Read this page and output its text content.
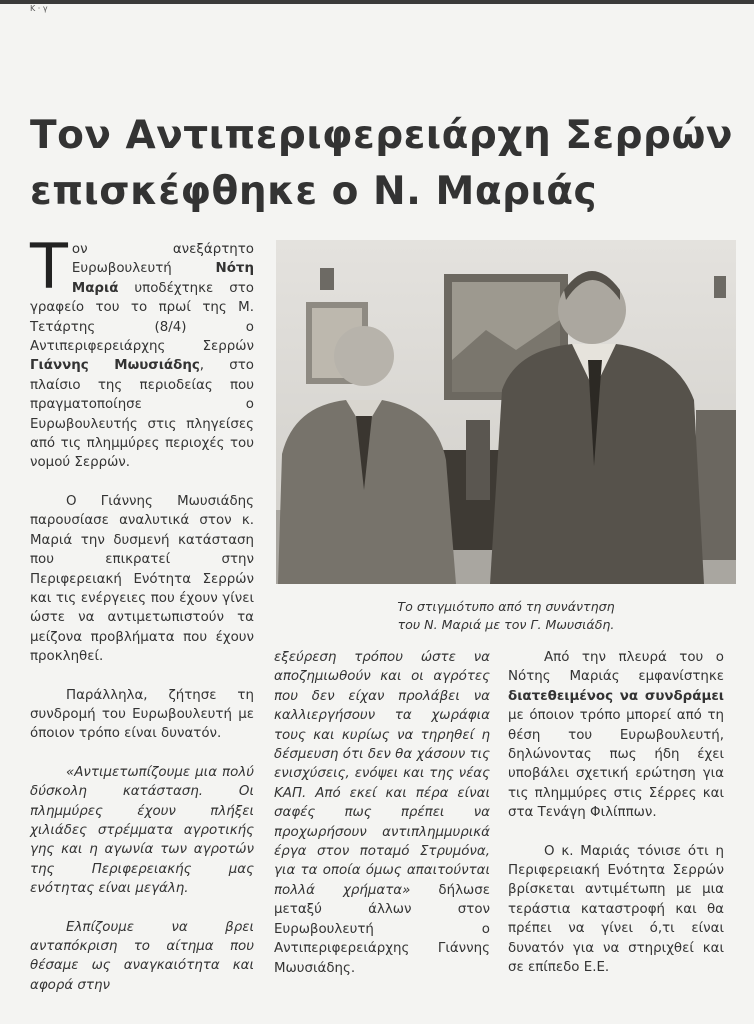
Κ · γ
Τον Αντιπεριφερειάρχη Σερρών
επισκέφθηκε ο Ν. Μαριάς

Τον ανεξάρτητο Ευρωβουλευτή Νότη Μαριά υποδέχτηκε στο γραφείο του το πρωί της Μ. Τετάρτης (8/4) ο Αντιπεριφερειάρχης Σερρών Γιάννης Μωυσιάδης, στο πλαίσιο της περιοδείας που πραγματοποίησε ο Ευρωβουλευτής στις πληγείσες από τις πλημμύρες περιοχές του νομού Σερρών.

Ο Γιάννης Μωυσιάδης παρουσίασε αναλυτικά στον κ. Μαριά την δυσμενή κατάσταση που επικρατεί στην Περιφερειακή Ενότητα Σερρών και τις ενέργειες που έχουν γίνει ώστε να αντιμετωπιστούν τα μείζονα προβλήματα που έχουν προκληθεί.

Παράλληλα, ζήτησε τη συνδρομή του Ευρωβουλευτή με όποιον τρόπο είναι δυνατόν.

«Αντιμετωπίζουμε μια πολύ δύσκολη κατάσταση. Οι πλημμύρες έχουν πλήξει χιλιάδες στρέμματα αγροτικής γης και η αγωνία των αγροτών της Περιφερειακής μας ενότητας είναι μεγάλη.

Ελπίζουμε να βρει ανταπόκριση το αίτημα που θέσαμε ως αναγκαιότητα και αφορά στην

Το στιγμιότυπο από τη συνάντηση
του Ν. Μαριά με τον Γ. Μωυσιάδη.

εξεύρεση τρόπου ώστε να αποζημιωθούν και οι αγρότες που δεν είχαν προλάβει να καλλιεργήσουν τα χωράφια τους και κυρίως να τηρηθεί η δέσμευση ότι δεν θα χάσουν τις ενισχύσεις, ενόψει και της νέας ΚΑΠ. Από εκεί και πέρα είναι σαφές πως πρέπει να προχωρήσουν αντιπλημμυρικά έργα στον ποταμό Στρυμόνα, για τα οποία όμως απαιτούνται πολλά χρήματα» δήλωσε μεταξύ άλλων στον Ευρωβουλευτή ο Αντιπεριφερειάρχης Γιάννης Μωυσιάδης.

Από την πλευρά του ο Νότης Μαριάς εμφανίστηκε διατεθειμένος να συνδράμει με όποιον τρόπο μπορεί από τη θέση του Ευρωβουλευτή, δηλώνοντας πως ήδη έχει υποβάλει σχετική ερώτηση για τις πλημμύρες στις Σέρρες και στα Τενάγη Φιλίππων.

Ο κ. Μαριάς τόνισε ότι η Περιφερειακή Ενότητα Σερρών βρίσκεται αντιμέτωπη με μια τεράστια καταστροφή και θα πρέπει να γίνει ό,τι είναι δυνατόν για να στηριχθεί και σε επίπεδο Ε.Ε.
